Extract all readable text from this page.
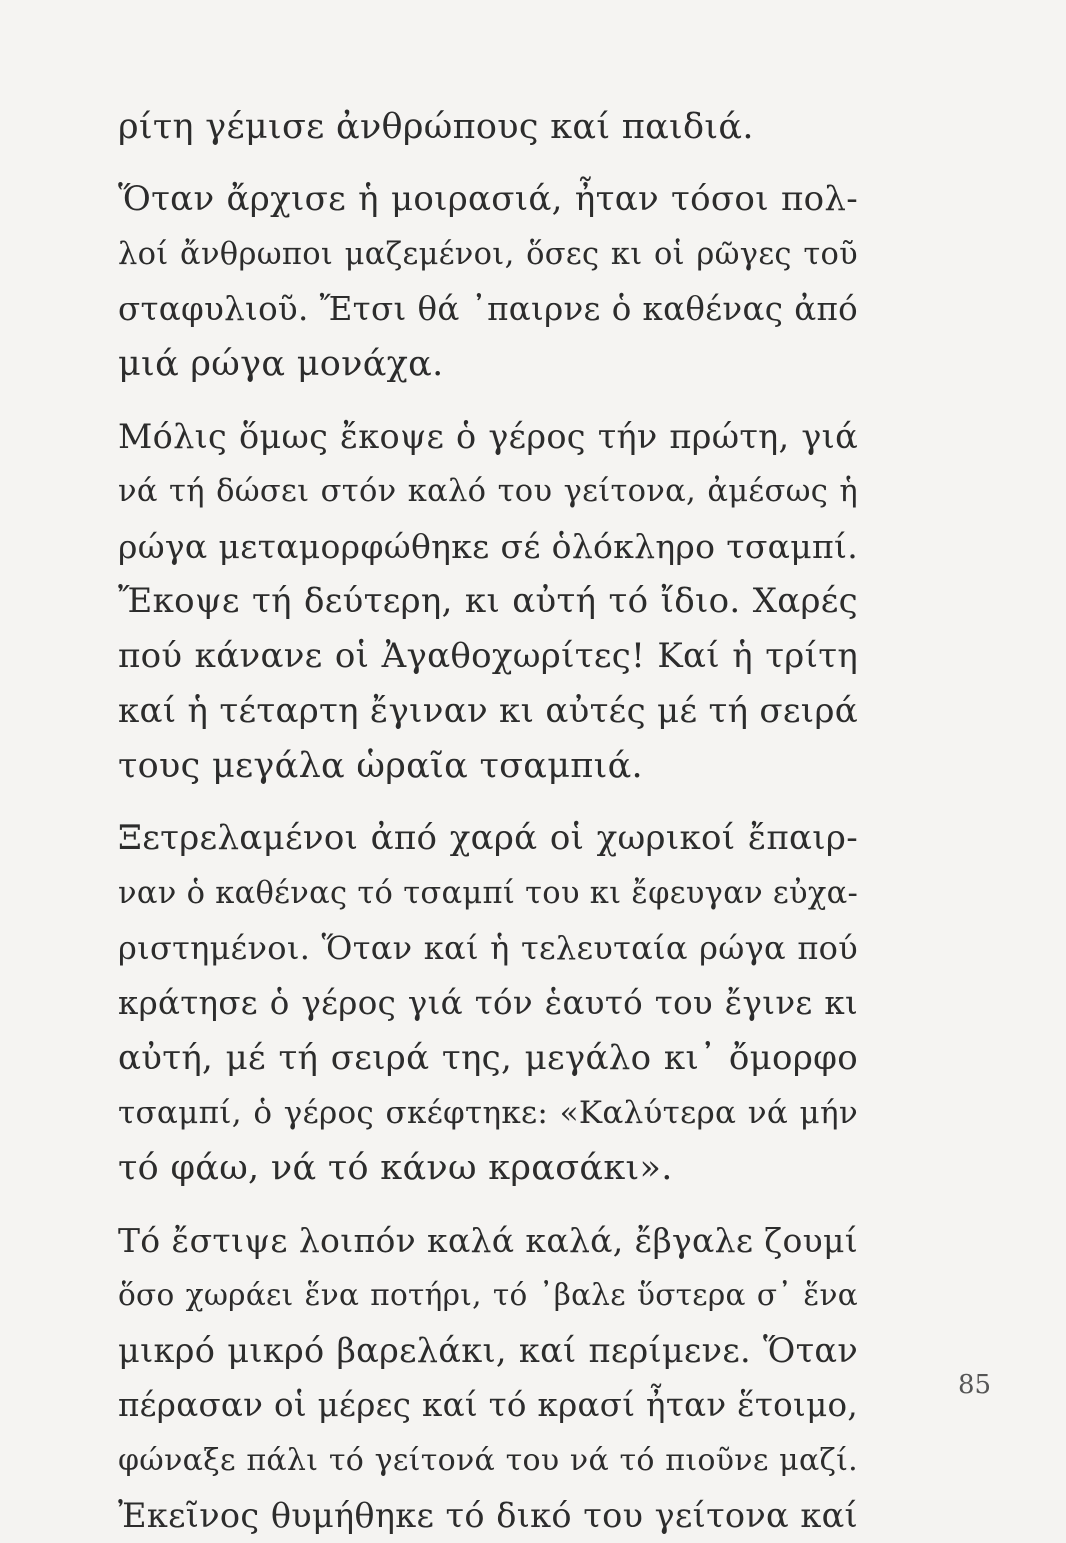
ρίτη γέμισε ἀνθρώπους καί παιδιά.
Ὅταν ἄρχισε ἡ μοιρασιά, ἦταν τόσοι πολ-
λοί ἄνθρωποι μαζεμένοι, ὅσες κι οἱ ρῶγες τοῦ
σταφυλιοῦ. Ἔτσι θά ᾽παιρνε ὁ καθένας ἀπό
μιά ρώγα μονάχα.
Μόλις ὅμως ἔκοψε ὁ γέρος τήν πρώτη, γιά
νά τή δώσει στόν καλό του γείτονα, ἀμέσως ἡ
ρώγα μεταμορφώθηκε σέ ὁλόκληρο τσαμπί.
Ἔκοψε τή δεύτερη, κι αὐτή τό ἴδιο. Χαρές
πού κάνανε οἱ Ἀγαθοχωρίτες! Καί ἡ τρίτη
καί ἡ τέταρτη ἔγιναν κι αὐτές μέ τή σειρά
τους μεγάλα ὡραῖα τσαμπιά.
Ξετρελαμένοι ἀπό χαρά οἱ χωρικοί ἔπαιρ-
ναν ὁ καθένας τό τσαμπί του κι ἔφευγαν εὐχα-
ριστημένοι. Ὅταν καί ἡ τελευταία ρώγα πού
κράτησε ὁ γέρος γιά τόν ἑαυτό του ἔγινε κι
αὐτή, μέ τή σειρά της, μεγάλο κι᾽ ὄμορφο
τσαμπί, ὁ γέρος σκέφτηκε: «Καλύτερα νά μήν
τό φάω, νά τό κάνω κρασάκι».
Τό ἔστιψε λοιπόν καλά καλά, ἔβγαλε ζουμί
ὅσο χωράει ἕνα ποτήρι, τό ᾽βαλε ὕστερα σ᾽ ἕνα
μικρό μικρό βαρελάκι, καί περίμενε. Ὅταν
πέρασαν οἱ μέρες καί τό κρασί ἦταν ἕτοιμο,
φώναξε πάλι τό γείτονά του νά τό πιοῦνε μαζί.
Ἐκεῖνος θυμήθηκε τό δικό του γείτονα καί
85
